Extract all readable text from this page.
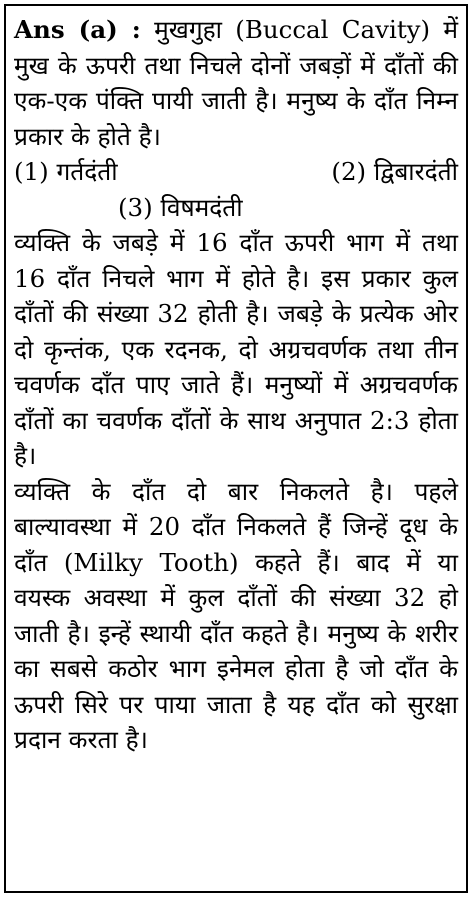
Ans (a) : मुखगुहा (Buccal Cavity) में मुख के ऊपरी तथा निचले दोनों जबड़ों में दाँतों की एक-एक पंक्ति पायी जाती है। मनुष्य के दाँत निम्न प्रकार के होते है।

(1) गर्तदंती	(2) द्विबारदंती
(3) विषमदंती

व्यक्ति के जबड़े में 16 दाँत ऊपरी भाग में तथा 16 दाँत निचले भाग में होते है। इस प्रकार कुल दाँतों की संख्या 32 होती है। जबड़े के प्रत्येक ओर दो कृन्तंक, एक रदनक, दो अग्रचवर्णक तथा तीन चवर्णक दाँत पाए जाते हैं। मनुष्यों में अग्रचवर्णक दाँतों का चवर्णक दाँतों के साथ अनुपात 2:3 होता है।

व्यक्ति के दाँत दो बार निकलते है। पहले बाल्यावस्था में 20 दाँत निकलते हैं जिन्हें दूध के दाँत (Milky Tooth) कहते हैं। बाद में या वयस्क अवस्था में कुल दाँतों की संख्या 32 हो जाती है। इन्हें स्थायी दाँत कहते है। मनुष्य के शरीर का सबसे कठोर भाग इनेमल होता है जो दाँत के ऊपरी सिरे पर पाया जाता है यह दाँत को सुरक्षा प्रदान करता है।
